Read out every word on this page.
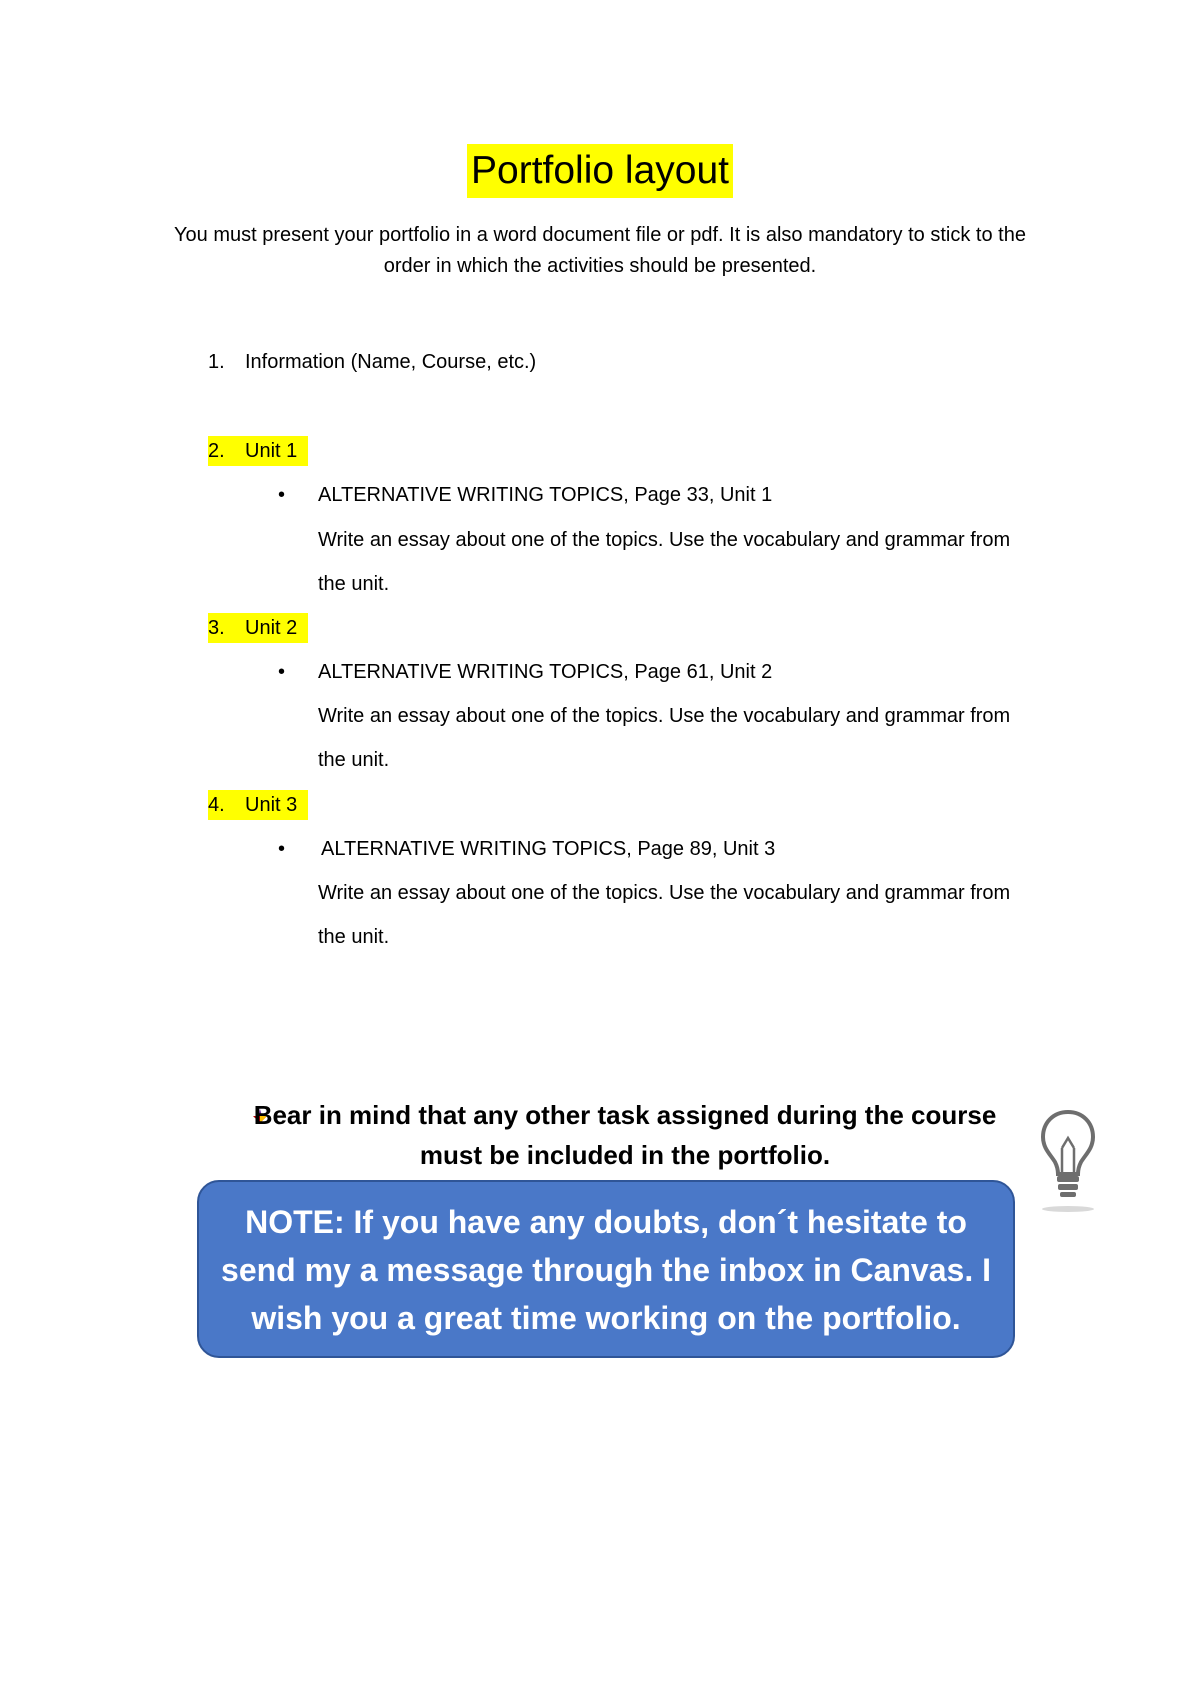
Portfolio layout
You must present your portfolio in a word document file or pdf. It is also mandatory to stick to the order in which the activities should be presented.
1. Information (Name, Course, etc.)
2. Unit 1
• ALTERNATIVE WRITING TOPICS, Page 33, Unit 1
Write an essay about one of the topics. Use the vocabulary and grammar from the unit.
3. Unit 2
• ALTERNATIVE WRITING TOPICS, Page 61, Unit 2
Write an essay about one of the topics. Use the vocabulary and grammar from the unit.
4. Unit 3
• ALTERNATIVE WRITING TOPICS, Page 89, Unit 3
Write an essay about one of the topics. Use the vocabulary and grammar from the unit.
Bear in mind that any other task assigned during the course must be included in the portfolio.
NOTE: If you have any doubts, don´t hesitate to send my a message through the inbox in Canvas. I wish you a great time working on the portfolio.
